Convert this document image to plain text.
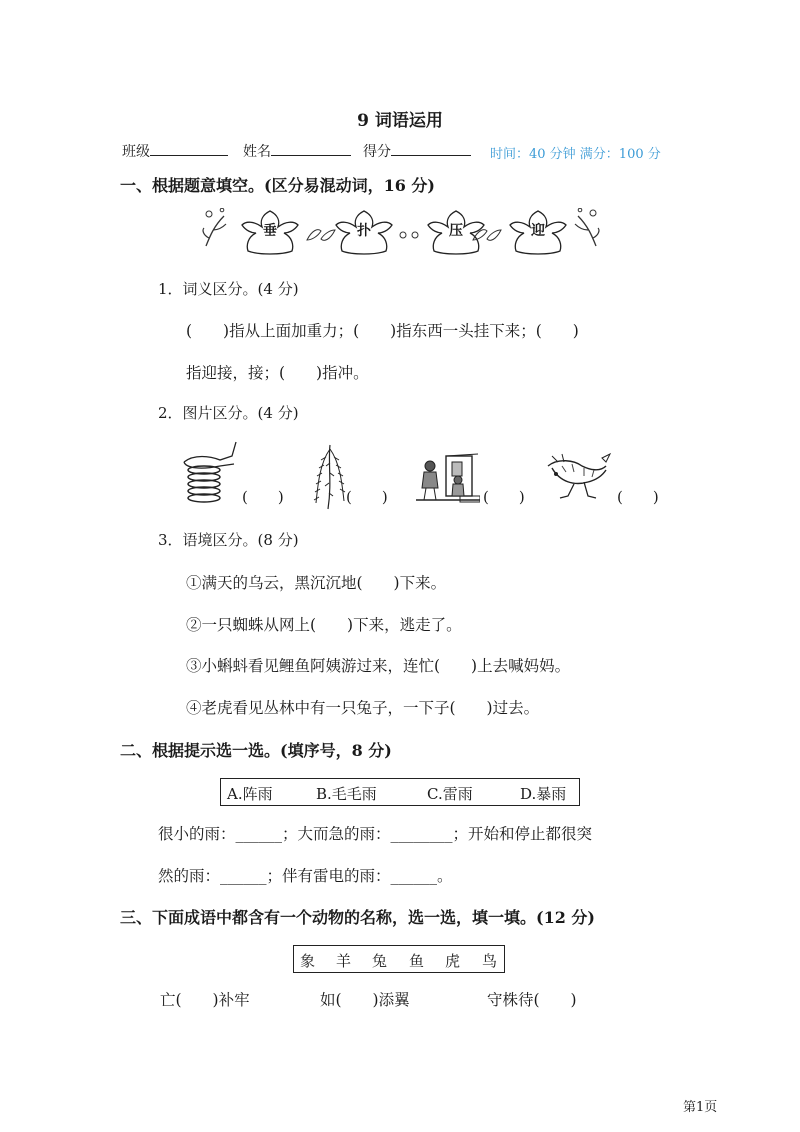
9 词语运用
班级	姓名	得分	时间：40 分钟 满分：100 分
一、根据题意填空。(区分易混动词，16 分)
垂	扑	压	迎
1．词义区分。(4 分)
(　　)指从上面加重力；(　　)指东西一头挂下来；(　　)
指迎接，接；(　　)指冲。
2．图片区分。(4 分)
(　　)	(　　)	(　　)	(　　)
3．语境区分。(8 分)
①满天的乌云，黑沉沉地(　　)下来。
②一只蜘蛛从网上(　　)下来，逃走了。
③小蝌蚪看见鲤鱼阿姨游过来，连忙(　　)上去喊妈妈。
④老虎看见丛林中有一只兔子，一下子(　　)过去。
二、根据提示选一选。(填序号，8 分)
A.阵雨	B.毛毛雨	C.雷雨	D.暴雨
很小的雨：______；大而急的雨：________；开始和停止都很突
然的雨：______；伴有雷电的雨：______。
三、下面成语中都含有一个动物的名称，选一选，填一填。(12 分)
象 羊 兔 鱼 虎 鸟
亡(　　)补牢	如(　　)添翼	守株待(　　)
第1页
